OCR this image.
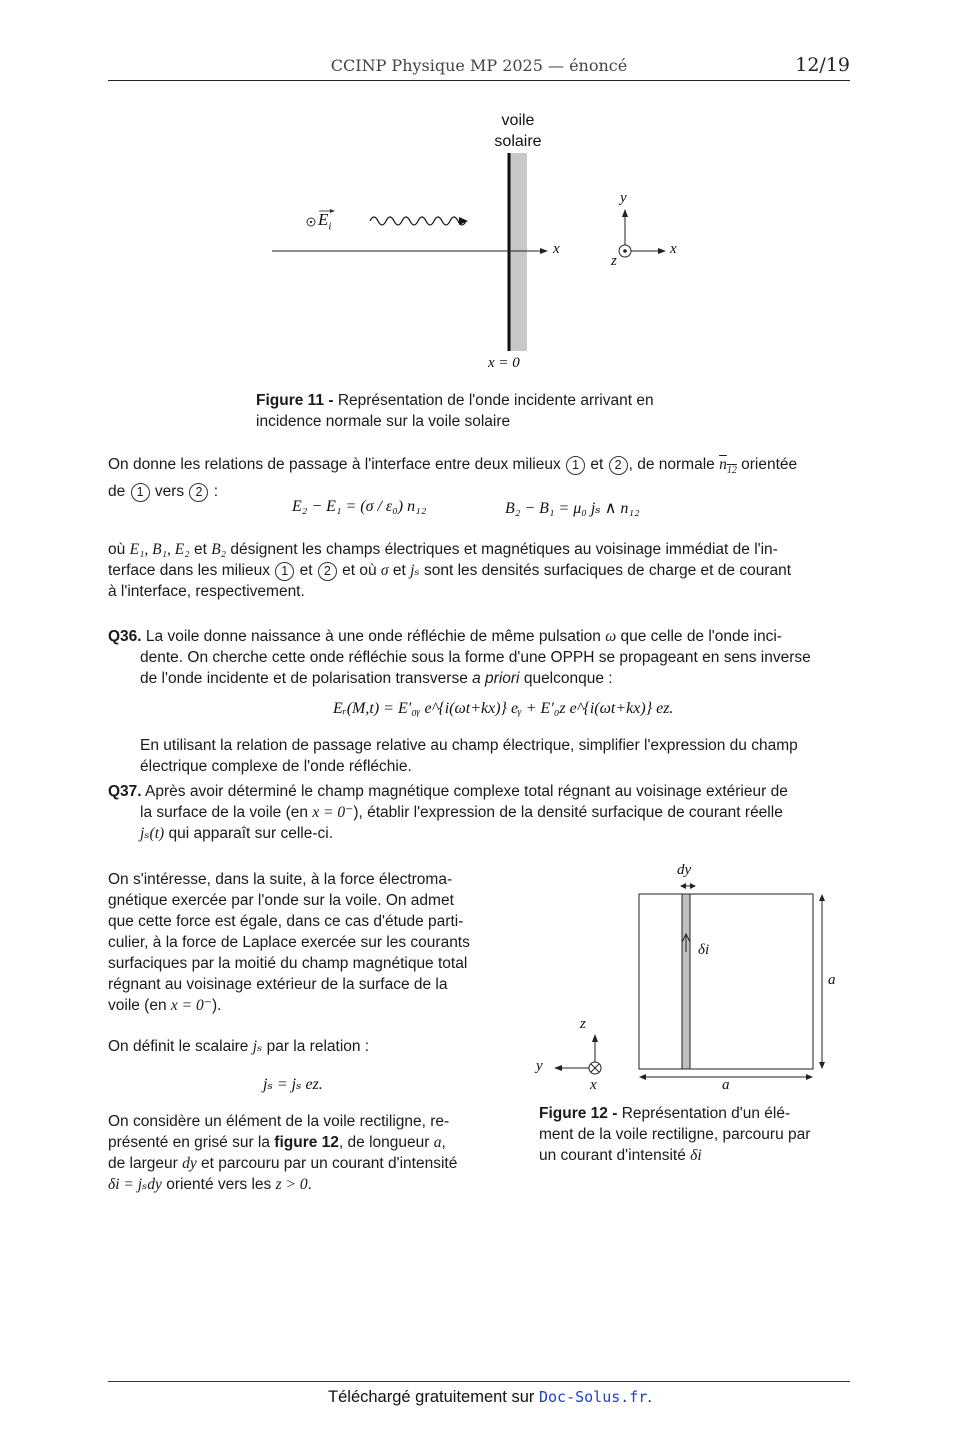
CCINP Physique MP 2025 — énoncé	12/19
voile
solaire
$E_i$
x
x = 0
y
z
x
Figure 11 - Représentation de l'onde incidente arrivant en
incidence normale sur la voile solaire
On donne les relations de passage à l'interface entre deux milieux 1 et 2 , de normale $n_{12}$ orientée
de 1 vers 2 :
E₂ − E₁ = (σ / ε₀) n₁₂	B₂ − B₁ = μ₀ jₛ ∧ n₁₂
où E₁, B₁, E₂ et B₂ désignent les champs électriques et magnétiques au voisinage immédiat de l'in-
terface dans les milieux 1 et 2 et où σ et jₛ sont les densités surfaciques de charge et de courant
à l'interface, respectivement.
Q36. La voile donne naissance à une onde réfléchie de même pulsation ω que celle de l'onde inci-
dente. On cherche cette onde réfléchie sous la forme d'une OPPH se propageant en sens inverse
de l'onde incidente et de polarisation transverse a priori quelconque :
Eᵣ(M,t) = E′₀ᵧ e^{i(ωt+kx)} eᵧ + E′₀z e^{i(ωt+kx)} ez.
En utilisant la relation de passage relative au champ électrique, simplifier l'expression du champ
électrique complexe de l'onde réfléchie.
Q37. Après avoir déterminé le champ magnétique complexe total régnant au voisinage extérieur de
la surface de la voile (en x = 0⁻), établir l'expression de la densité surfacique de courant réelle
jₛ(t) qui apparaît sur celle-ci.
On s'intéresse, dans la suite, à la force électroma-
gnétique exercée par l'onde sur la voile. On admet
que cette force est égale, dans ce cas d'étude parti-
culier, à la force de Laplace exercée sur les courants
surfaciques par la moitié du champ magnétique total
régnant au voisinage extérieur de la surface de la
voile (en x = 0⁻).
On définit le scalaire jₛ par la relation :
jₛ = jₛ ez.
On considère un élément de la voile rectiligne, re-
présenté en grisé sur la figure 12, de longueur a,
de largeur dy et parcouru par un courant d'intensité
δi = jₛdy orienté vers les z > 0.
dy
δi
a
a
z
y
x
Figure 12 - Représentation d'un élé-
ment de la voile rectiligne, parcouru par
un courant d'intensité δi
Téléchargé gratuitement sur Doc-Solus.fr.
